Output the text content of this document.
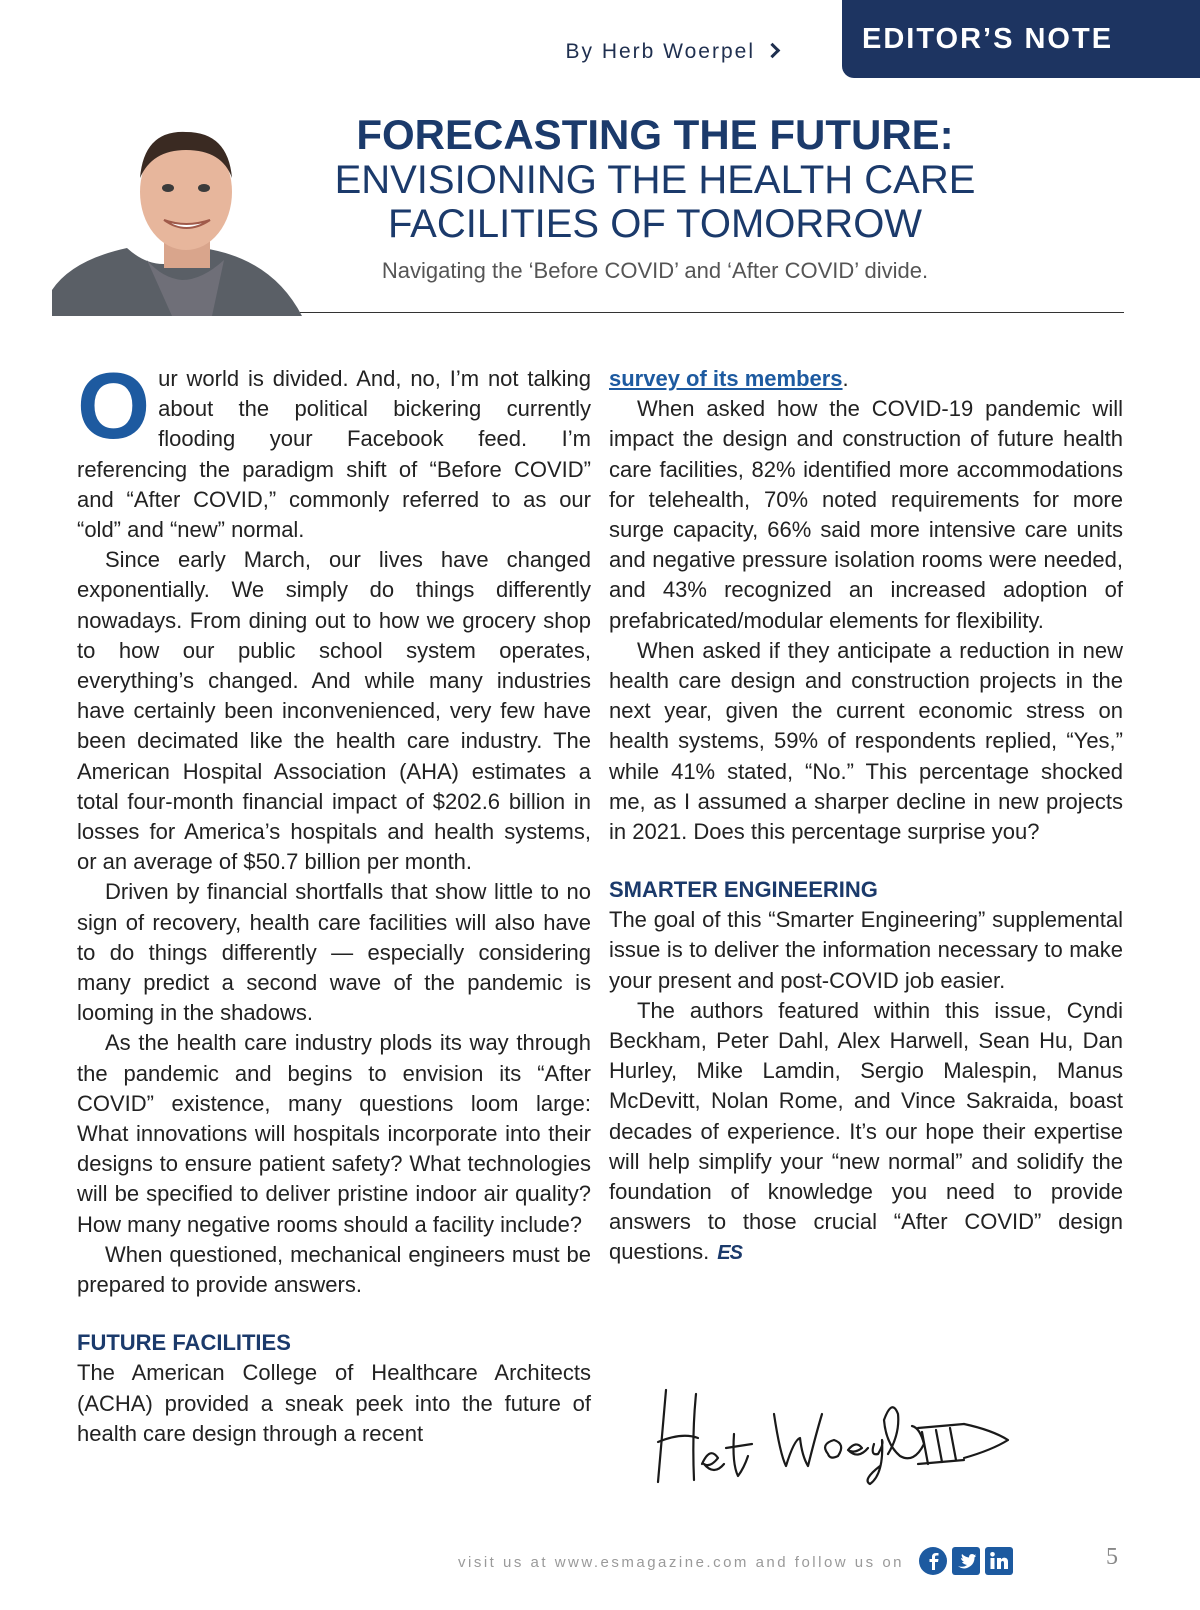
By Herb Woerpel	EDITOR’S NOTE
FORECASTING THE FUTURE:
ENVISIONING THE HEALTH CARE
FACILITIES OF TOMORROW
Navigating the ‘Before COVID’ and ‘After COVID’ divide.

Our world is divided. And, no, I’m not talking about the political bickering currently flooding your Facebook feed. I’m referencing the paradigm shift of “Before COVID” and “After COVID,” commonly referred to as our “old” and “new” normal.

Since early March, our lives have changed exponentially. We simply do things differently nowadays. From dining out to how we grocery shop to how our public school system operates, everything’s changed. And while many industries have certainly been inconvenienced, very few have been decimated like the health care industry. The American Hospital Association (AHA) estimates a total four-month financial impact of $202.6 billion in losses for America’s hospitals and health systems, or an average of $50.7 billion per month.

Driven by financial shortfalls that show little to no sign of recovery, health care facilities will also have to do things differently — especially considering many predict a second wave of the pandemic is looming in the shadows.

As the health care industry plods its way through the pandemic and begins to envision its “After COVID” existence, many questions loom large: What innovations will hospitals incorporate into their designs to ensure patient safety? What technologies will be specified to deliver pristine indoor air quality? How many negative rooms should a facility include?

When questioned, mechanical engineers must be prepared to provide answers.

FUTURE FACILITIES

The American College of Healthcare Architects (ACHA) provided a sneak peek into the future of health care design through a recent

survey of its members.

When asked how the COVID-19 pandemic will impact the design and construction of future health care facilities, 82% identified more accommodations for telehealth, 70% noted requirements for more surge capacity, 66% said more intensive care units and negative pressure isolation rooms were needed, and 43% recognized an increased adoption of prefabricated/modular elements for flexibility.

When asked if they anticipate a reduction in new health care design and construction projects in the next year, given the current economic stress on health systems, 59% of respondents replied, “Yes,” while 41% stated, “No.” This percentage shocked me, as I assumed a sharper decline in new projects in 2021. Does this percentage surprise you?

SMARTER ENGINEERING

The goal of this “Smarter Engineering” supplemental issue is to deliver the information necessary to make your present and post-COVID job easier.

The authors featured within this issue, Cyndi Beckham, Peter Dahl, Alex Harwell, Sean Hu, Dan Hurley, Mike Lamdin, Sergio Malespin, Manus McDevitt, Nolan Rome, and Vince Sakraida, boast decades of experience. It’s our hope their expertise will help simplify your “new normal” and solidify the foundation of knowledge you need to provide answers to those crucial “After COVID” design questions. ES

visit us at www.esmagazine.com and follow us on	5
